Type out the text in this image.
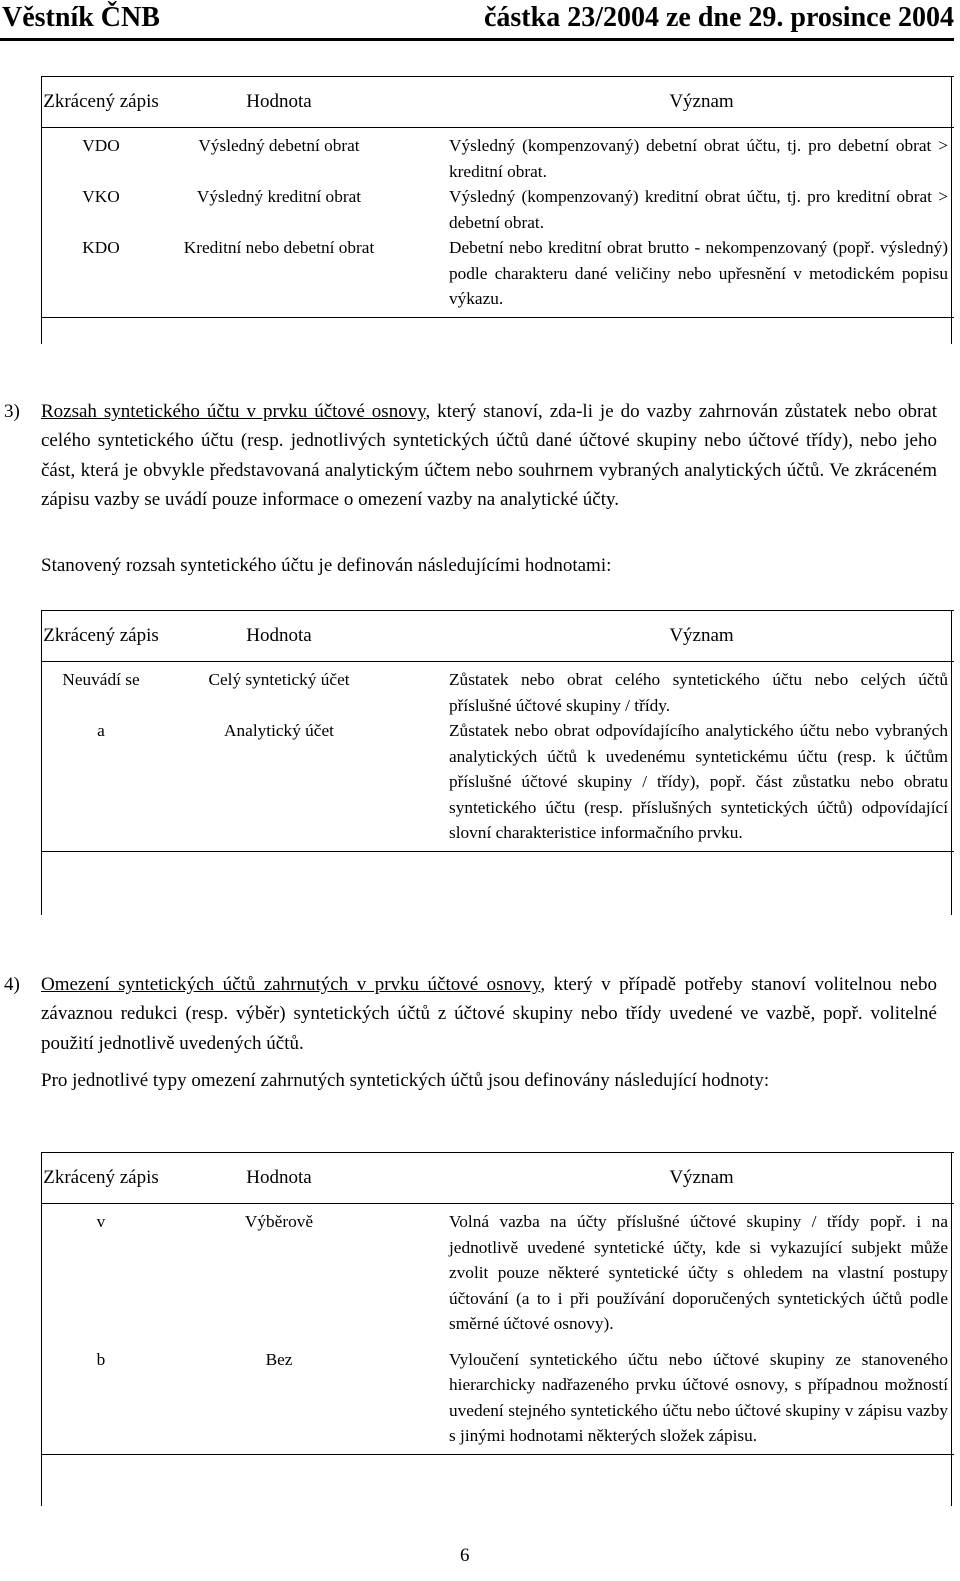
Věstník ČNB	částka 23/2004 ze dne 29. prosince 2004
Zkrácený zápis	Hodnota	Význam
VDO	Výsledný debetní obrat	Výsledný (kompenzovaný) debetní obrat účtu, tj. pro debetní obrat > kreditní obrat.
VKO	Výsledný kreditní obrat	Výsledný (kompenzovaný) kreditní obrat účtu, tj. pro kreditní obrat > debetní obrat.
KDO	Kreditní nebo debetní obrat	Debetní nebo kreditní obrat brutto - nekompenzovaný (popř. výsledný) podle charakteru dané veličiny nebo upřesnění v metodickém popisu výkazu.
3) Rozsah syntetického účtu v prvku účtové osnovy, který stanoví, zda-li je do vazby zahrnován zůstatek nebo obrat celého syntetického účtu (resp. jednotlivých syntetických účtů dané účtové skupiny nebo účtové třídy), nebo jeho část, která je obvykle představovaná analytickým účtem nebo souhrnem vybraných analytických účtů. Ve zkráceném zápisu vazby se uvádí pouze informace o omezení vazby na analytické účty.
Stanovený rozsah syntetického účtu je definován následujícími hodnotami:
Zkrácený zápis	Hodnota	Význam
Neuvádí se	Celý syntetický účet	Zůstatek nebo obrat celého syntetického účtu nebo celých účtů příslušné účtové skupiny / třídy.
a	Analytický účet	Zůstatek nebo obrat odpovídajícího analytického účtu nebo vybraných analytických účtů k uvedenému syntetickému účtu (resp. k účtům příslušné účtové skupiny / třídy), popř. část zůstatku nebo obratu syntetického účtu (resp. příslušných syntetických účtů) odpovídající slovní charakteristice informačního prvku.
4) Omezení syntetických účtů zahrnutých v prvku účtové osnovy, který v případě potřeby stanoví volitelnou nebo závaznou redukci (resp. výběr) syntetických účtů z účtové skupiny nebo třídy uvedené ve vazbě, popř. volitelné použití jednotlivě uvedených účtů.
Pro jednotlivé typy omezení zahrnutých syntetických účtů jsou definovány následující hodnoty:
Zkrácený zápis	Hodnota	Význam
v	Výběrově	Volná vazba na účty příslušné účtové skupiny / třídy popř. i na jednotlivě uvedené syntetické účty, kde si vykazující subjekt může zvolit pouze některé syntetické účty s ohledem na vlastní postupy účtování (a to i při používání doporučených syntetických účtů podle směrné účtové osnovy).
b	Bez	Vyloučení syntetického účtu nebo účtové skupiny ze stanoveného hierarchicky nadřazeného prvku účtové osnovy, s případnou možností uvedení stejného syntetického účtu nebo účtové skupiny v zápisu vazby s jinými hodnotami některých složek zápisu.
6
